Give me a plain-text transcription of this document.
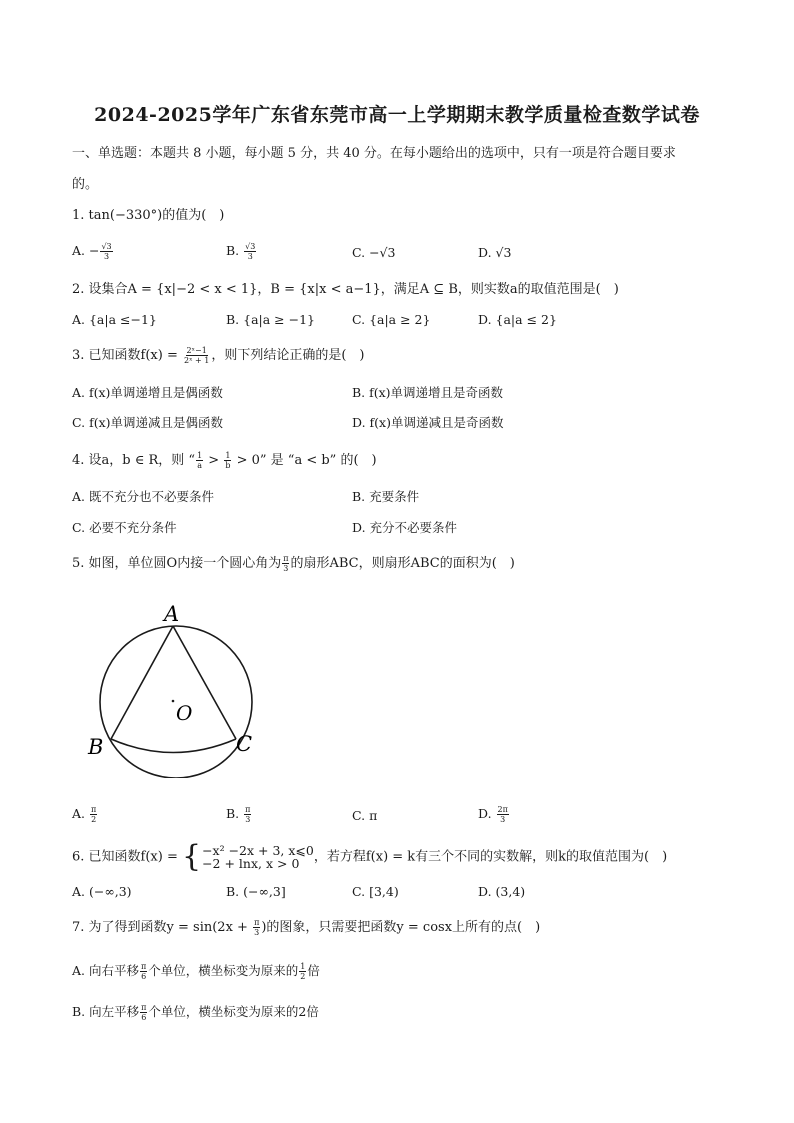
2024-2025学年广东省东莞市高一上学期期末教学质量检查数学试卷
一、单选题：本题共 8 小题，每小题 5 分，共 40 分。在每小题给出的选项中，只有一项是符合题目要求
的。
1. tan(−330°)的值为(　)
A. − $\frac{√3}{3}$	B. $\frac{√3}{3}$	C. −√3	D. √3
2. 设集合A = {x|−2 < x < 1}，B = {x|x < a−1}，满足A ⊆ B，则实数a的取值范围是(　)
A. {a|a ≤−1}	B. {a|a ≥ −1}	C. {a|a ≥ 2}	D. {a|a ≤ 2}
3. 已知函数$f(x) = \frac{\text{2ˣ−1}}{\text{2ˣ + 1}}$ ，则下列结论正确的是(　)
A. f(x)单调递增且是偶函数	B. f(x)单调递增且是奇函数
C. f(x)单调递减且是偶函数	D. f(x)单调递减且是奇函数
4. 设a，b ∈ R，则 “ $\frac{1}{a} > \frac{1}{b} > 0$” 是 “a < b” 的(　)
A. 既不充分也不必要条件	B. 充要条件
C. 必要不充分条件	D. 充分不必要条件
5. 如图，单位圆O内接一个圆心角为 $\frac{\pi}{3}$ 的扇形ABC，则扇形ABC的面积为(　)
A
B	C
O
A. $\frac{\pi}{2}$	B. $\frac{\pi}{3}$	C. π	D. $\frac{2\pi}{3}$
6. 已知函数f(x) = { −x² −2x + 3, x⩽0
−2 + lnx, x > 0	，若方程f(x) = k有三个不同的实数解，则k的取值范围为(　)
A. (−∞,3)	B. (−∞,3]	C. [3,4)	D. (3,4)
7. 为了得到函数$y = \sin(2x + \frac{\pi}{3}$ )的图象，只需要把函数y = cosx上所有的点(　)
A. 向右平移 $\frac{\pi}{6}$ 个单位，横坐标变为原来的 $\frac{1}{2}$ 倍
B. 向左平移 $\frac{\pi}{6}$ 个单位，横坐标变为原来的2倍
